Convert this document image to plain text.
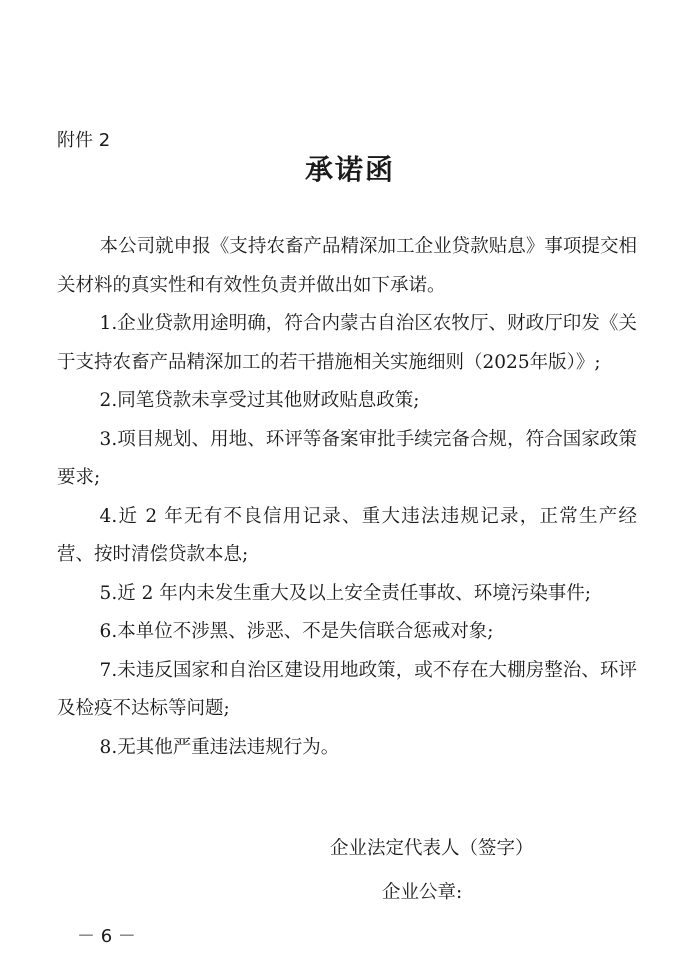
附件 2
承诺函

本公司就申报《支持农畜产品精深加工企业贷款贴息》事项提交相关材料的真实性和有效性负责并做出如下承诺。

1.企业贷款用途明确，符合内蒙古自治区农牧厅、财政厅印发《关于支持农畜产品精深加工的若干措施相关实施细则（2025年版）》;

2.同笔贷款未享受过其他财政贴息政策;

3.项目规划、用地、环评等备案审批手续完备合规，符合国家政策要求;

4.近 2 年无有不良信用记录、重大违法违规记录，正常生产经营、按时清偿贷款本息;

5.近 2 年内未发生重大及以上安全责任事故、环境污染事件;

6.本单位不涉黑、涉恶、不是失信联合惩戒对象;

7.未违反国家和自治区建设用地政策，或不存在大棚房整治、环评及检疫不达标等问题;

8.无其他严重违法违规行为。

企业法定代表人（签字）
企业公章:
－ 6 －
